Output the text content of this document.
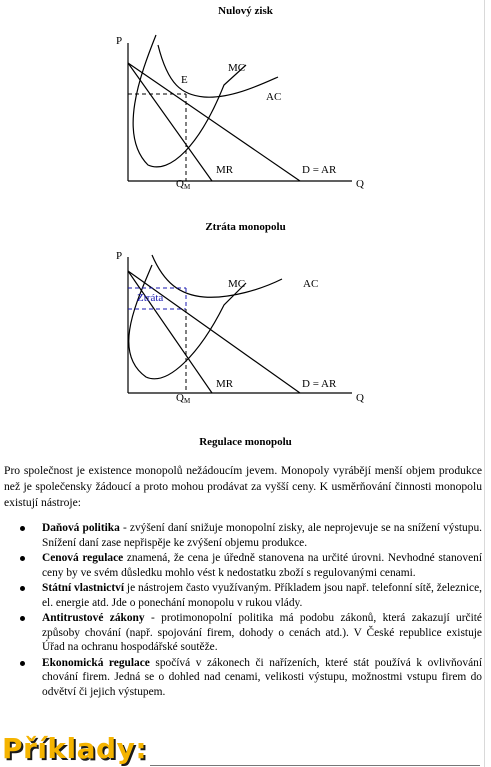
Nulový zisk
P
Q
MC
AC
E
MR	D = AR
QM
Ztráta monopolu
P
Q
Ztráta
MC	AC
MR	D = AR
QM
Regulace monopolu

Pro společnost je existence monopolů nežádoucím jevem. Monopoly vyrábějí menší objem produkce než je společensky žádoucí a proto mohou prodávat za vyšší ceny. K usměrňování činnosti monopolu existují nástroje:

Daňová politika - zvýšení daní snižuje monopolní zisky, ale neprojevuje se na snížení výstupu. Snížení daní zase nepřispěje ke zvýšení objemu produkce.
Cenová regulace znamená, že cena je úředně stanovena na určité úrovni. Nevhodné stanovení ceny by ve svém důsledku mohlo vést k nedostatku zboží s regulovanými cenami.
Státní vlastnictví je nástrojem často využívaným. Příkladem jsou např. telefonní sítě, železnice, el. energie atd. Jde o ponechání monopolu v rukou vlády.
Antitrustové zákony - protimonopolní politika má podobu zákonů, která zakazují určité způsoby chování (např. spojování firem, dohody o cenách atd.). V České republice existuje Úřad na ochranu hospodářské soutěže.
Ekonomická regulace spočívá v zákonech či nařízeních, které stát používá k ovlivňování chování firem. Jedná se o dohled nad cenami, velikosti výstupu, možnostmi vstupu firem do odvětví či jejich výstupem.
Příklady:
